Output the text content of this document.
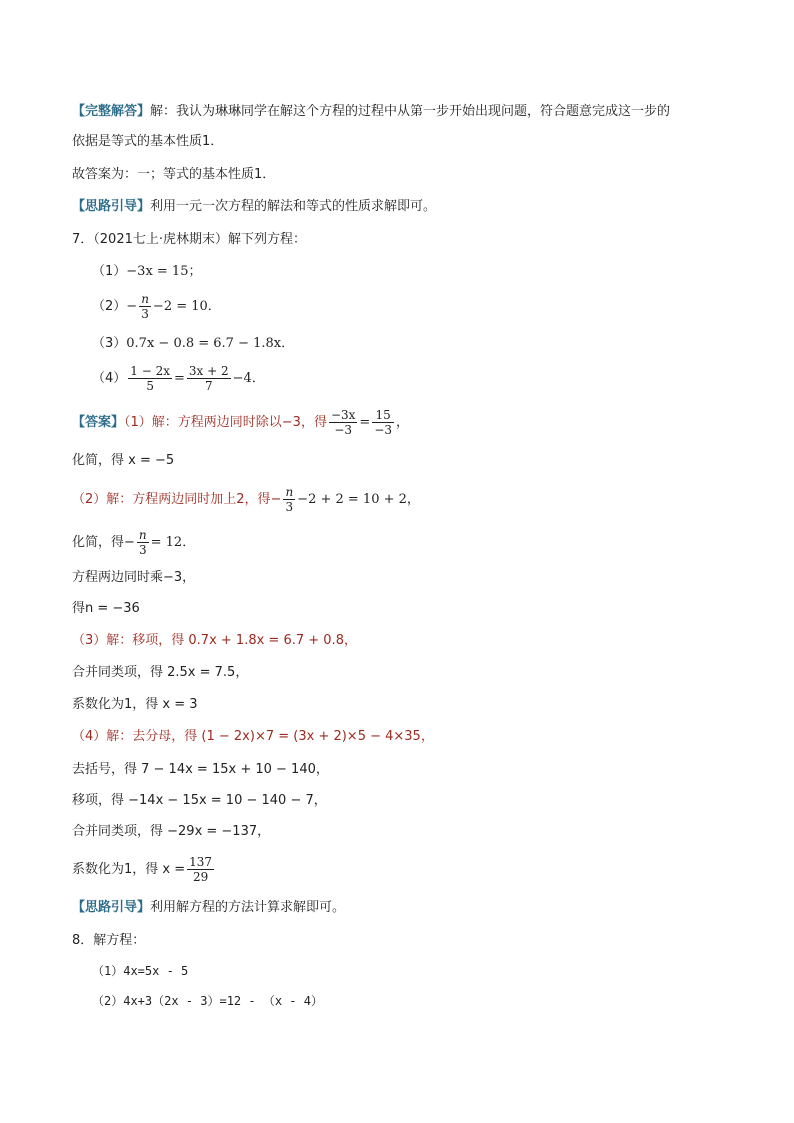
【完整解答】解：我认为琳琳同学在解这个方程的过程中从第一步开始出现问题，符合题意完成这一步的
依据是等式的基本性质1．
故答案为：一；等式的基本性质1．
【思路引导】利用一元一次方程的解法和等式的性质求解即可。
7．（2021七上·虎林期末）解下列方程：
（1）−3x = 15；
$(2)- \frac{n}{3} -2 = 10$．
（3）0.7x − 0.8 = 6.7 − 1.8x．
$(4) \frac{1 - 2x}{5} = \frac{3x + 2}{7} -4$．
【答案】（1）解：方程两边同时除以−3，得 $\frac{-3x}{-3} = \frac{15}{-3}$ ，
化简，得 x = −5
（2）解：方程两边同时加上2，得− $\frac{n}{3} -2 + 2 = 10 + 2$，
化简，得− $\frac{n}{3} = 12$．
方程两边同时乘−3，
得n = −36
（3）解：移项，得 0.7x + 1.8x = 6.7 + 0.8，
合并同类项，得 2.5x = 7.5，
系数化为1，得 x = 3
（4）解：去分母，得 (1 − 2x)×7 = (3x + 2)×5 − 4×35，
去括号，得 7 − 14x = 15x + 10 − 140，
移项，得 −14x − 15x = 10 − 140 − 7，
合并同类项，得 −29x = −137，
系数化为1，得 $x = \frac{137}{29}$
【思路引导】利用解方程的方法计算求解即可。
8．解方程：
（1）4x=5x - 5
（2）4x+3（2x - 3）=12 - （x - 4）
